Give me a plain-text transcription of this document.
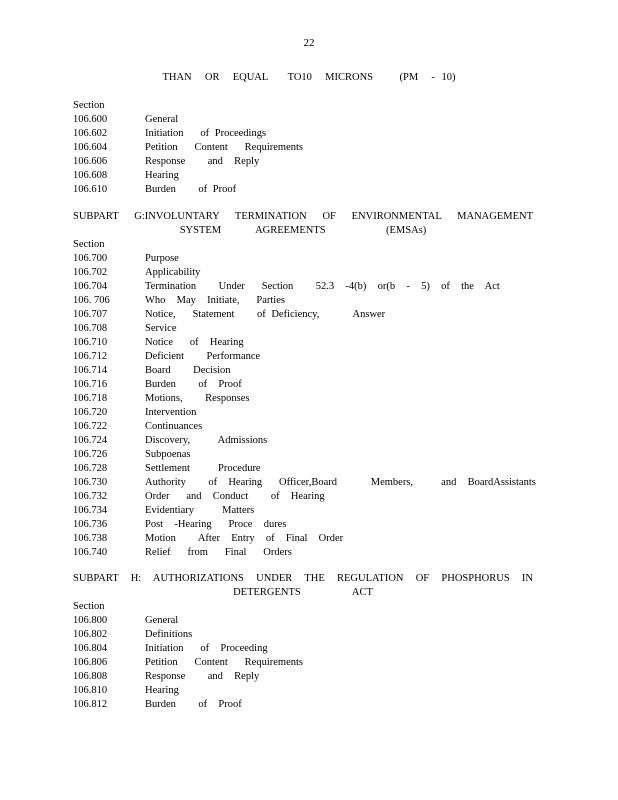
22
THAN  OR  EQUAL   TO10  MICRONS    (PM  - 10)
Section
106.600	General
106.602	Initiation   of Proceedings
106.604	Petition   Content   Requirements
106.606	Response    and  Reply
106.608	Hearing
106.610	Burden    of Proof
SUBPART G:INVOLUNTARY TERMINATION OF ENVIRONMENTAL MANAGEMENT
SYSTEM    AGREEMENTS       (EMSAs)
Section
106.700	Purpose
106.702	Applicability
106.704	Termination    Under   Section    52.3  -4(b)  or(b  -  5)  of  the  Act
106. 706	Who  May  Initiate,   Parties
106.707	Notice,   Statement    of Deficiency,      Answer
106.708	Service
106.710	Notice   of  Hearing
106.712	Deficient    Performance
106.714	Board    Decision
106.716	Burden    of  Proof
106.718	Motions,    Responses
106.720	Intervention
106.722	Continuances
106.724	Discovery,     Admissions
106.726	Subpoenas
106.728	Settlement     Procedure
106.730	Authority    of  Hearing   Officer,Board      Members,     and  BoardAssistants
106.732	Order   and  Conduct    of  Hearing
106.734	Evidentiary     Matters
106.736	Post  -Hearing   Proce  dures
106.738	Motion    After  Entry  of  Final  Order
106.740	Relief   from   Final   Orders
SUBPART H: AUTHORIZATIONS UNDER THE REGULATION OF PHOSPHORUS IN
DETERGENTS      ACT
Section
106.800	General
106.802	Definitions
106.804	Initiation   of  Proceeding
106.806	Petition   Content   Requirements
106.808	Response    and  Reply
106.810	Hearing
106.812	Burden    of  Proof
